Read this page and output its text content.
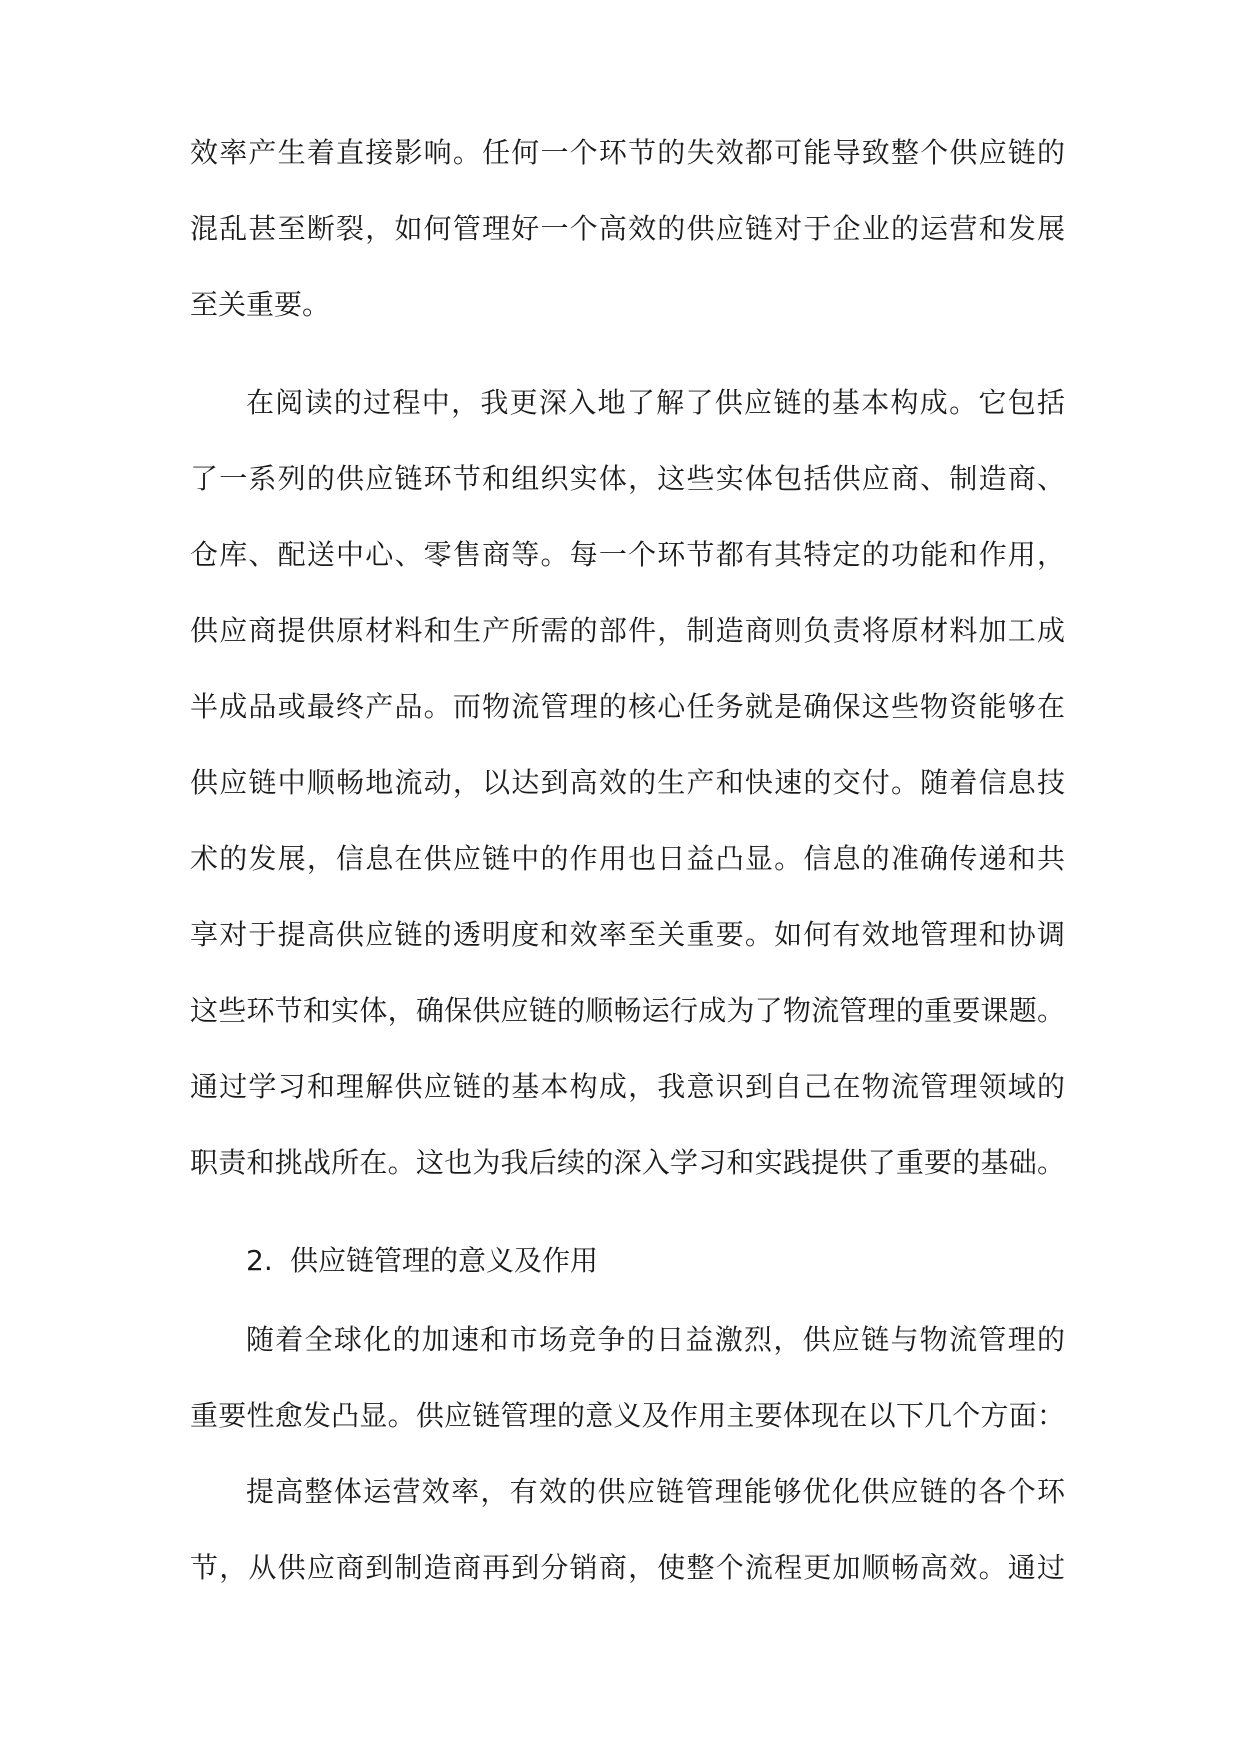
效率产生着直接影响。任何一个环节的失效都可能导致整个供应链的
混乱甚至断裂，如何管理好一个高效的供应链对于企业的运营和发展
至关重要。
在阅读的过程中，我更深入地了解了供应链的基本构成。它包括
了一系列的供应链环节和组织实体，这些实体包括供应商、制造商、
仓库、配送中心、零售商等。每一个环节都有其特定的功能和作用，
供应商提供原材料和生产所需的部件，制造商则负责将原材料加工成
半成品或最终产品。而物流管理的核心任务就是确保这些物资能够在
供应链中顺畅地流动，以达到高效的生产和快速的交付。随着信息技
术的发展，信息在供应链中的作用也日益凸显。信息的准确传递和共
享对于提高供应链的透明度和效率至关重要。如何有效地管理和协调
这些环节和实体，确保供应链的顺畅运行成为了物流管理的重要课题。
通过学习和理解供应链的基本构成，我意识到自己在物流管理领域的
职责和挑战所在。这也为我后续的深入学习和实践提供了重要的基础。
2. 供应链管理的意义及作用
随着全球化的加速和市场竞争的日益激烈，供应链与物流管理的
重要性愈发凸显。供应链管理的意义及作用主要体现在以下几个方面：
提高整体运营效率，有效的供应链管理能够优化供应链的各个环
节，从供应商到制造商再到分销商，使整个流程更加顺畅高效。通过
